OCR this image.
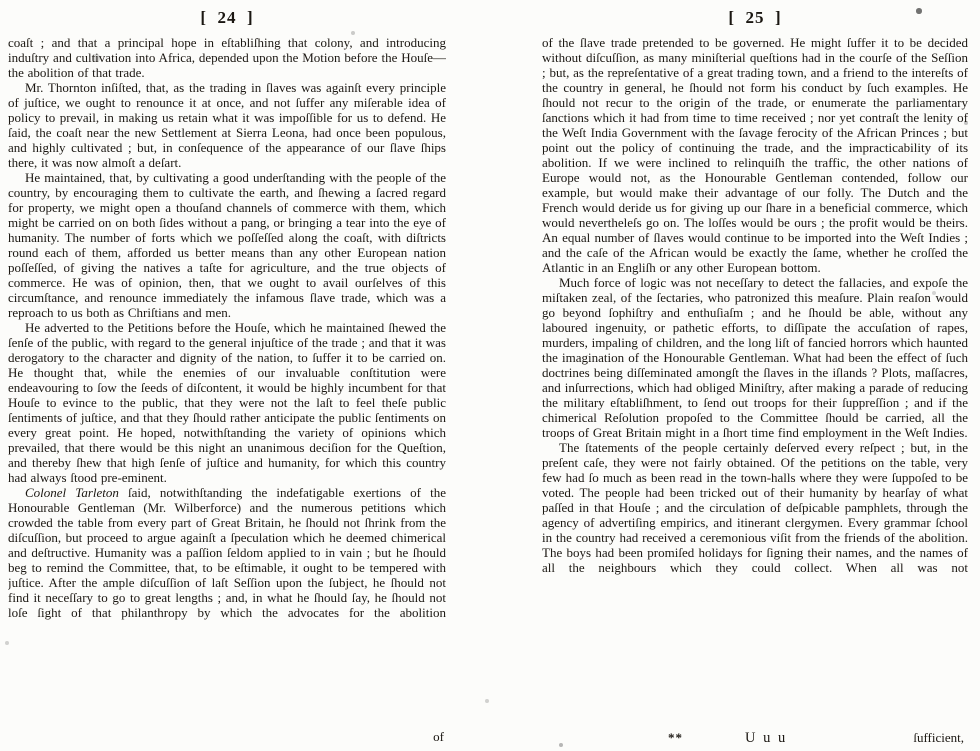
[  24  ]

coaſt ; and that a principal hope in eſtabliſhing that colony, and introducing induſtry and cultivation into Africa, depended upon the Motion before the Houſe—the abolition of that trade.

Mr. Thornton inſiſted, that, as the trading in ſlaves was againſt every principle of juſtice, we ought to renounce it at once, and not ſuffer any miſerable idea of policy to prevail, in making us retain what it was impoſſible for us to defend. He ſaid, the coaſt near the new Settlement at Sierra Leona, had once been populous, and highly cultivated ; but, in conſequence of the appearance of our ſlave ſhips there, it was now almoſt a deſart.

He maintained, that, by cultivating a good underſtanding with the people of the country, by encouraging them to cultivate the earth, and ſhewing a ſacred regard for property, we might open a thouſand channels of commerce with them, which might be carried on on both ſides without a pang, or bringing a tear into the eye of humanity. The number of forts which we poſſeſſed along the coaſt, with diſtricts round each of them, afforded us better means than any other European nation poſſeſſed, of giving the natives a taſte for agriculture, and the true objects of commerce. He was of opinion, then, that we ought to avail ourſelves of this circumſtance, and renounce immediately the infamous ſlave trade, which was a reproach to us both as Chriſtians and men.

He adverted to the Petitions before the Houſe, which he maintained ſhewed the ſenſe of the public, with regard to the general injuſtice of the trade ; and that it was derogatory to the character and dignity of the nation, to ſuffer it to be carried on. He thought that, while the enemies of our invaluable conſtitution were endeavouring to ſow the ſeeds of diſcontent, it would be highly incumbent for that Houſe to evince to the public, that they were not the laſt to feel theſe public ſentiments of juſtice, and that they ſhould rather anticipate the public ſentiments on every great point. He hoped, notwithſtanding the variety of opinions which prevailed, that there would be this night an unanimous deciſion for the Queſtion, and thereby ſhew that high ſenſe of juſtice and humanity, for which this country had always ſtood pre-eminent.

Colonel Tarleton ſaid, notwithſtanding the indefatigable exertions of the Honourable Gentleman (Mr. Wilberforce) and the numerous petitions which crowded the table from every part of Great Britain, he ſhould not ſhrink from the diſcuſſion, but proceed to argue againſt a ſpeculation which he deemed chimerical and deſtructive. Humanity was a paſſion ſeldom applied to in vain ; but he ſhould beg to remind the Committee, that, to be eſtimable, it ought to be tempered with juſtice. After the ample diſcuſſion of laſt Seſſion upon the ſubject, he ſhould not find it neceſſary to go to great lengths ; and, in what he ſhould ſay, he ſhould not loſe ſight of that philanthropy by which the advocates for the abolition

of
[  25  ]

of the ſlave trade pretended to be governed. He might ſuffer it to be decided without diſcuſſion, as many miniſterial queſtions had in the courſe of the Seſſion ; but, as the repreſentative of a great trading town, and a friend to the intereſts of the country in general, he ſhould not form his conduct by ſuch examples. He ſhould not recur to the origin of the trade, or enumerate the parliamentary ſanctions which it had from time to time received ; nor yet contraſt the lenity of the Weſt India Government with the ſavage ferocity of the African Princes ; but point out the policy of continuing the trade, and the impracticability of its abolition. If we were inclined to relinquiſh the traffic, the other nations of Europe would not, as the Honourable Gentleman contended, follow our example, but would make their advantage of our folly. The Dutch and the French would deride us for giving up our ſhare in a beneficial commerce, which would nevertheleſs go on. The loſſes would be ours ; the profit would be theirs. An equal number of ſlaves would continue to be imported into the Weſt Indies ; and the caſe of the African would be exactly the ſame, whether he croſſed the Atlantic in an Engliſh or any other European bottom.

Much force of logic was not neceſſary to detect the fallacies, and expoſe the miſtaken zeal, of the ſectaries, who patronized this meaſure. Plain reaſon would go beyond ſophiſtry and enthuſiaſm ; and he ſhould be able, without any laboured ingenuity, or pathetic efforts, to diſſipate the accuſation of rapes, murders, impaling of children, and the long liſt of fancied horrors which haunted the imagination of the Honourable Gentleman. What had been the effect of ſuch doctrines being diſſeminated amongſt the ſlaves in the iſlands ? Plots, maſſacres, and inſurrections, which had obliged Miniſtry, after making a parade of reducing the military eſtabliſhment, to ſend out troops for their ſuppreſſion ; and if the chimerical Reſolution propoſed to the Committee ſhould be carried, all the troops of Great Britain might in a ſhort time find employment in the Weſt Indies.

The ſtatements of the people certainly deſerved every reſpect ; but, in the preſent caſe, they were not fairly obtained. Of the petitions on the table, very few had ſo much as been read in the town-halls where they were ſuppoſed to be voted. The people had been tricked out of their humanity by hearſay of what paſſed in that Houſe ; and the circulation of deſpicable pamphlets, through the agency of advertiſing empirics, and itinerant clergymen. Every grammar ſchool in the country had received a ceremonious viſit from the friends of the abolition. The boys had been promiſed holidays for ſigning their names, and the names of all the neighbours which they could collect. When all was not

**	U u u	ſufficient,
